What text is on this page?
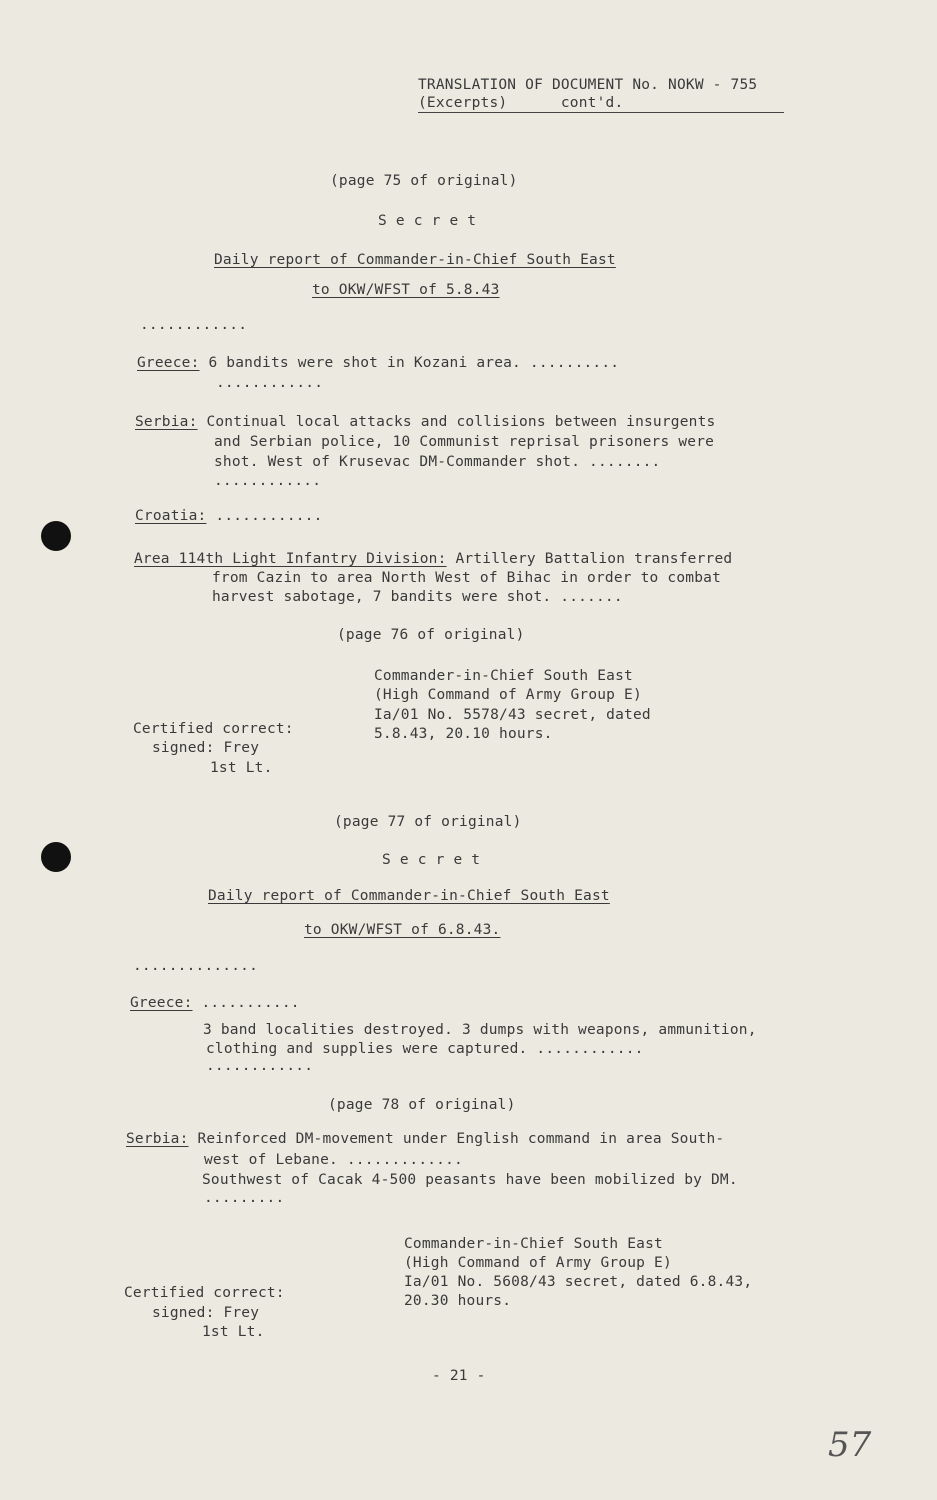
TRANSLATION OF DOCUMENT No. NOKW - 755
(Excerpts)      cont'd.
(page 75 of original)
S e c r e t
Daily report of Commander-in-Chief South East
to OKW/WFST of 5.8.43
............
Greece: 6 bandits were shot in Kozani area. ..........
............
Serbia: Continual local attacks and collisions between insurgents
and Serbian police, 10 Communist reprisal prisoners were
shot. West of Krusevac DM-Commander shot. ........
............
Croatia: ............
Area 114th Light Infantry Division: Artillery Battalion transferred
from Cazin to area North West of Bihac in order to combat
harvest sabotage, 7 bandits were shot. .......
(page 76 of original)
Commander-in-Chief South East
(High Command of Army Group E)
Ia/01 No. 5578/43 secret, dated
5.8.43, 20.10 hours.
Certified correct:
signed: Frey
1st Lt.
(page 77 of original)
S e c r e t
Daily report of Commander-in-Chief South East
to OKW/WFST of 6.8.43.
..............
Greece: ...........
3 band localities destroyed. 3 dumps with weapons, ammunition,
clothing and supplies were captured. ............
............
(page 78 of original)
Serbia: Reinforced DM-movement under English command in area South-
west of Lebane. .............
Southwest of Cacak 4-500 peasants have been mobilized by DM.
.........
Commander-in-Chief South East
(High Command of Army Group E)
Ia/01 No. 5608/43 secret, dated 6.8.43,
20.30 hours.
Certified correct:
signed: Frey
1st Lt.
- 21 -
57
